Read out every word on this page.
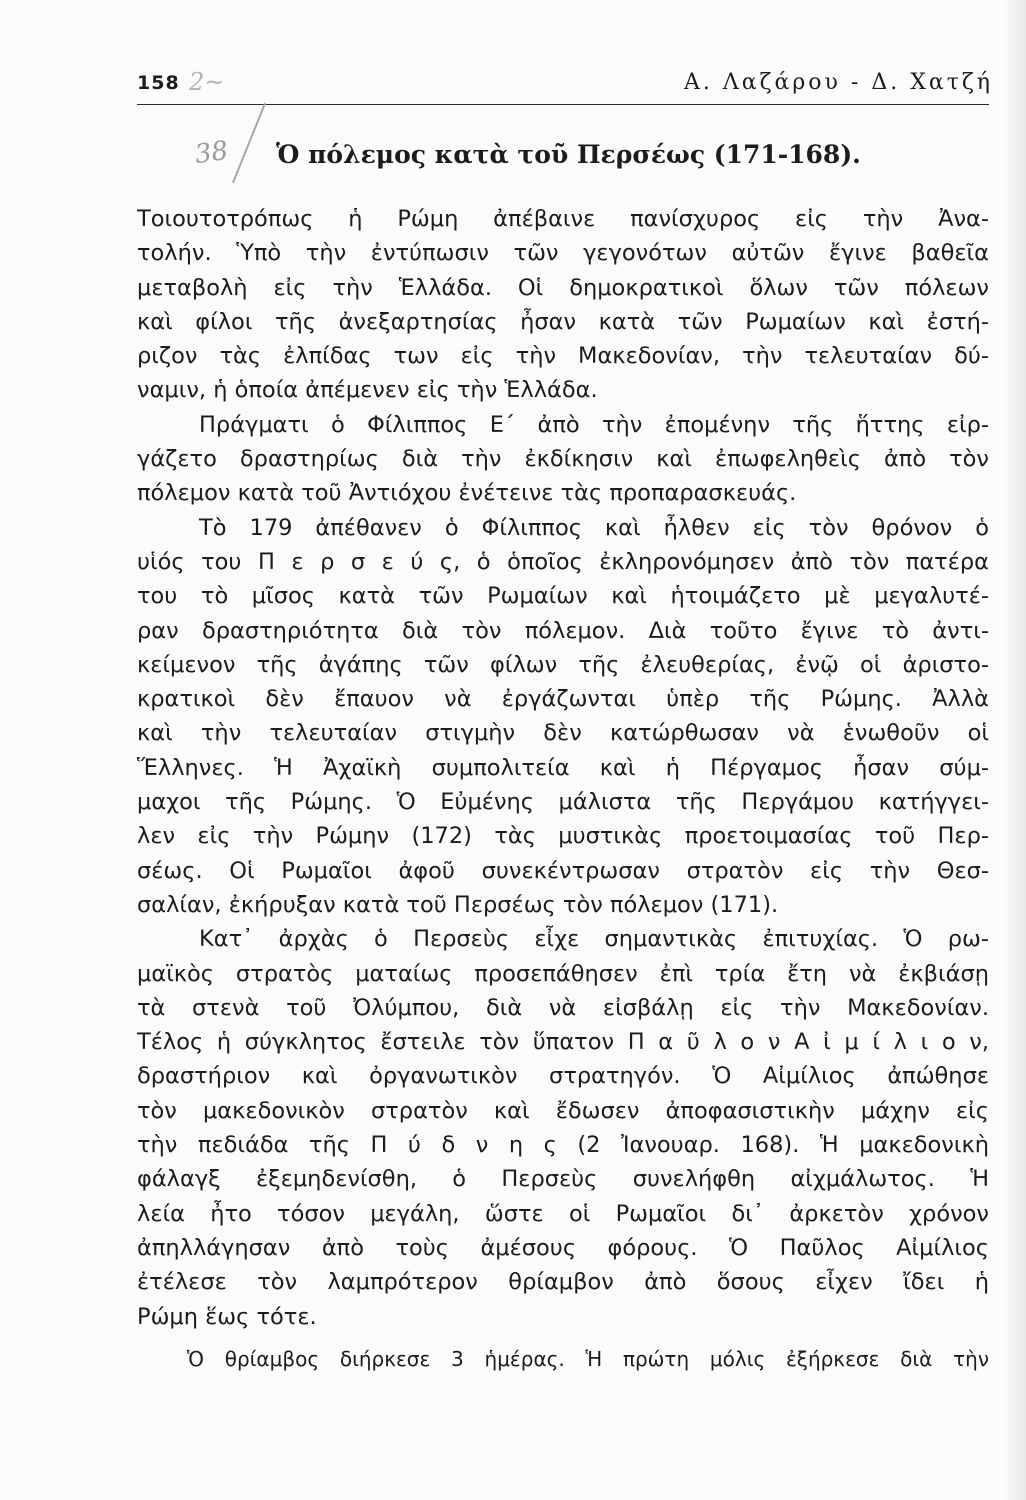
158 2~	Α. Λαζάρου - Δ. Χατζή
38 Ὁ πόλεμος κατὰ τοῦ Περσέως (171-168).
Τοιουτοτρόπως ἡ Ρώμη ἀπέβαινε πανίσχυρος εἰς τὴν Ἀνα-
τολήν. Ὑπὸ τὴν ἐντύπωσιν τῶν γεγονότων αὐτῶν ἔγινε βαθεῖα
μεταβολὴ εἰς τὴν Ἑλλάδα. Οἱ δημοκρατικοὶ ὅλων τῶν πόλεων
καὶ φίλοι τῆς ἀνεξαρτησίας ἦσαν κατὰ τῶν Ρωμαίων καὶ ἐστή-
ριζον τὰς ἐλπίδας των εἰς τὴν Μακεδονίαν, τὴν τελευταίαν δύ-
ναμιν, ἡ ὁποία ἀπέμενεν εἰς τὴν Ἑλλάδα.
Πράγματι ὁ Φίλιππος Ε΄ ἀπὸ τὴν ἐπομένην τῆς ἥττης εἰρ-
γάζετο δραστηρίως διὰ τὴν ἐκδίκησιν καὶ ἐπωφεληθεὶς ἀπὸ τὸν
πόλεμον κατὰ τοῦ Ἀντιόχου ἐνέτεινε τὰς προπαρασκευάς.
Τὸ 179 ἀπέθανεν ὁ Φίλιππος καὶ ἦλθεν εἰς τὸν θρόνον ὁ
υἱός του Π ε ρ σ ε ύ ς, ὁ ὁποῖος ἐκληρονόμησεν ἀπὸ τὸν πατέρα
του τὸ μῖσος κατὰ τῶν Ρωμαίων καὶ ἡτοιμάζετο μὲ μεγαλυτέ-
ραν δραστηριότητα διὰ τὸν πόλεμον. Διὰ τοῦτο ἔγινε τὸ ἀντι-
κείμενον τῆς ἀγάπης τῶν φίλων τῆς ἐλευθερίας, ἐνῷ οἱ ἀριστο-
κρατικοὶ δὲν ἔπαυον νὰ ἐργάζωνται ὑπὲρ τῆς Ρώμης. Ἀλλὰ
καὶ τὴν τελευταίαν στιγμὴν δὲν κατώρθωσαν νὰ ἑνωθοῦν οἱ
Ἕλληνες. Ἡ Ἀχαϊκὴ συμπολιτεία καὶ ἡ Πέργαμος ἦσαν σύμ-
μαχοι τῆς Ρώμης. Ὁ Εὐμένης μάλιστα τῆς Περγάμου κατήγγει-
λεν εἰς τὴν Ρώμην (172) τὰς μυστικὰς προετοιμασίας τοῦ Περ-
σέως. Οἱ Ρωμαῖοι ἀφοῦ συνεκέντρωσαν στρατὸν εἰς τὴν Θεσ-
σαλίαν, ἐκήρυξαν κατὰ τοῦ Περσέως τὸν πόλεμον (171).
Κατ᾽ ἀρχὰς ὁ Περσεὺς εἶχε σημαντικὰς ἐπιτυχίας. Ὁ ρω-
μαϊκὸς στρατὸς ματαίως προσεπάθησεν ἐπὶ τρία ἔτη νὰ ἐκβιάσῃ
τὰ στενὰ τοῦ Ὀλύμπου, διὰ νὰ εἰσβάλῃ εἰς τὴν Μακεδονίαν.
Τέλος ἡ σύγκλητος ἔστειλε τὸν ὕπατον Π α ῦ λ ο ν Α ἰ μ ί λ ι ο ν,
δραστήριον καὶ ὀργανωτικὸν στρατηγόν. Ὁ Αἰμίλιος ἀπώθησε
τὸν μακεδονικὸν στρατὸν καὶ ἔδωσεν ἀποφασιστικὴν μάχην εἰς
τὴν πεδιάδα τῆς Π ύ δ ν η ς (2 Ἰανουαρ. 168). Ἡ μακεδονικὴ
φάλαγξ ἐξεμηδενίσθη, ὁ Περσεὺς συνελήφθη αἰχμάλωτος. Ἡ
λεία ἦτο τόσον μεγάλη, ὥστε οἱ Ρωμαῖοι δι᾽ ἀρκετὸν χρόνον
ἀπηλλάγησαν ἀπὸ τοὺς ἀμέσους φόρους. Ὁ Παῦλος Αἰμίλιος
ἐτέλεσε τὸν λαμπρότερον θρίαμβον ἀπὸ ὅσους εἶχεν ἴδει ἡ
Ρώμη ἕως τότε.
Ὁ θρίαμβος διήρκεσε 3 ἡμέρας. Ἡ πρώτη μόλις ἐξήρκεσε διὰ τὴν
